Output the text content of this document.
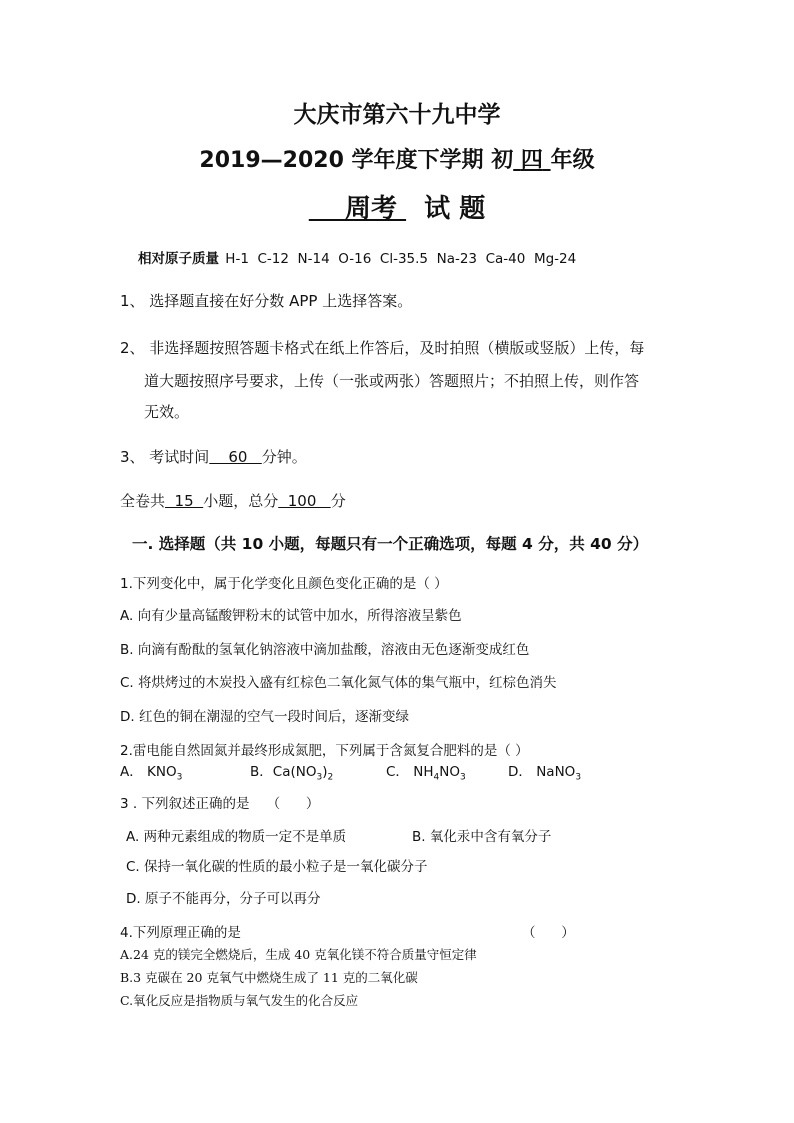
大庆市第六十九中学
2019—2020 学年度下学期 初 四 年级
周考 试 题
相对原子质量 H-1  C-12  N-14  O-16  Cl-35.5  Na-23  Ca-40  Mg-24
1、 选择题直接在好分数 APP 上选择答案。
2、 非选择题按照答题卡格式在纸上作答后，及时拍照（横版或竖版）上传，每
道大题按照序号要求，上传（一张或两张）答题照片；不拍照上传，则作答
无效。
3、 考试时间    60   分钟。
全卷共  15  小题，总分  100   分
一. 选择题（共 10 小题，每题只有一个正确选项，每题 4 分，共 40 分）
1.下列变化中，属于化学变化且颜色变化正确的是（ ）
A. 向有少量高锰酸钾粉末的试管中加水，所得溶液呈紫色
B. 向滴有酚酞的氢氧化钠溶液中滴加盐酸，溶液由无色逐渐变成红色
C. 将烘烤过的木炭投入盛有红棕色二氧化氮气体的集气瓶中，红棕色消失
D. 红色的铜在潮湿的空气一段时间后，逐渐变绿
2.雷电能自然固氮并最终形成氮肥，下列属于含氮复合肥料的是（ ）
A． $KNO_3$	B．$Ca(NO_3)_2$	C． $NH_4NO_3$	D． NaNO$_3$
3 . 下列叙述正确的是    （      ）
A. 两种元素组成的物质一定不是单质	B. 氧化汞中含有氧分子
C. 保持一氧化碳的性质的最小粒子是一氧化碳分子
D. 原子不能再分，分子可以再分
4.下列原理正确的是	（      ）
A.24 克的镁完全燃烧后，生成 40 克氧化镁不符合质量守恒定律
B.3 克碳在 20 克氧气中燃烧生成了 11 克的二氧化碳
C.氧化反应是指物质与氧气发生的化合反应
